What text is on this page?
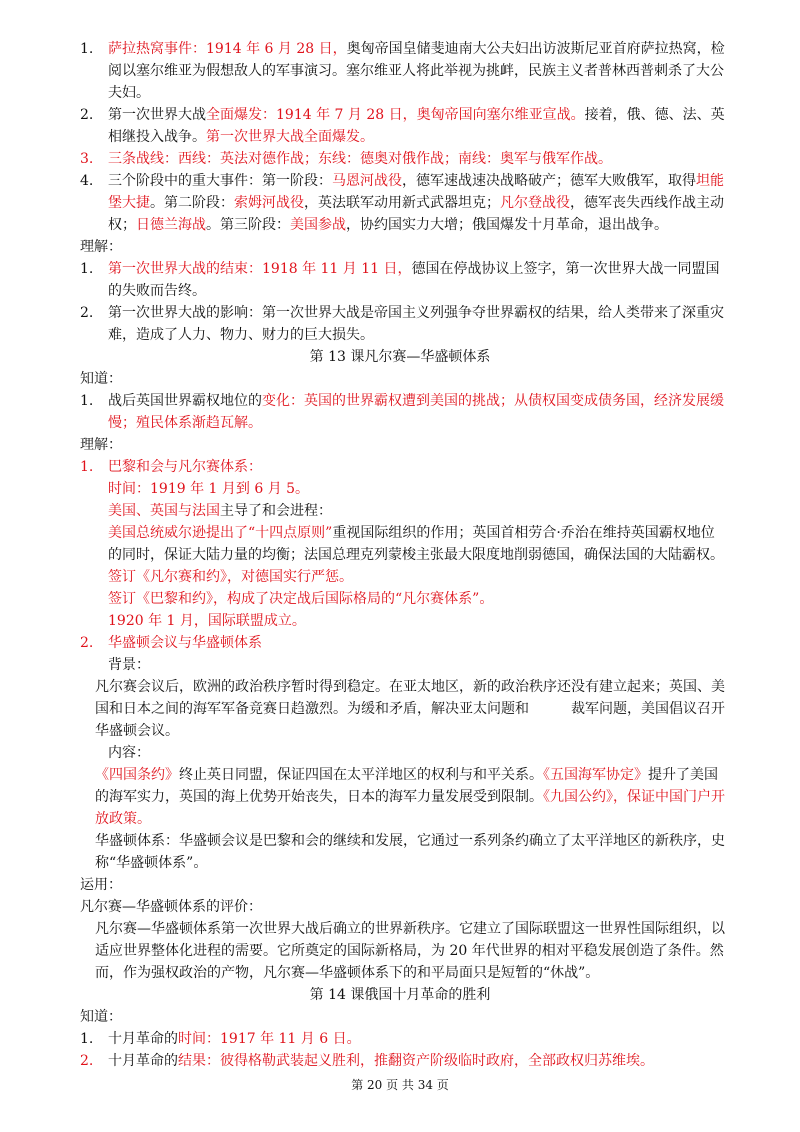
1. 萨拉热窝事件：1914 年 6 月 28 日，奥匈帝国皇储斐迪南大公夫妇出访波斯尼亚首府萨拉热窝，检阅以塞尔维亚为假想敌人的军事演习。塞尔维亚人将此举视为挑衅，民族主义者普林西普刺杀了大公夫妇。
2. 第一次世界大战全面爆发：1914 年 7 月 28 日，奥匈帝国向塞尔维亚宣战。接着，俄、德、法、英相继投入战争。第一次世界大战全面爆发。
3. 三条战线：西线：英法对德作战；东线：德奥对俄作战；南线：奥军与俄军作战。
4. 三个阶段中的重大事件：第一阶段：马恩河战役，德军速战速决战略破产；德军大败俄军，取得坦能堡大捷。第二阶段：索姆河战役，英法联军动用新式武器坦克；凡尔登战役，德军丧失西线作战主动权；日德兰海战。第三阶段：美国参战，协约国实力大增；俄国爆发十月革命，退出战争。
理解：
1. 第一次世界大战的结束：1918 年 11 月 11 日，德国在停战协议上签字，第一次世界大战一同盟国的失败而告终。
2. 第一次世界大战的影响：第一次世界大战是帝国主义列强争夺世界霸权的结果，给人类带来了深重灾难，造成了人力、物力、财力的巨大损失。
第 13 课凡尔赛—华盛顿体系
知道：
1. 战后英国世界霸权地位的变化：英国的世界霸权遭到美国的挑战；从债权国变成债务国，经济发展缓慢；殖民体系渐趋瓦解。
理解：
1. 巴黎和会与凡尔赛体系：
时间：1919 年 1 月到 6 月 5。
美国、英国与法国主导了和会进程：
美国总统威尔逊提出了“十四点原则”重视国际组织的作用；英国首相劳合·乔治在维持英国霸权地位的同时，保证大陆力量的均衡；法国总理克列蒙梭主张最大限度地削弱德国，确保法国的大陆霸权。
签订《凡尔赛和约》，对德国实行严惩。
签订《巴黎和约》，构成了决定战后国际格局的“凡尔赛体系”。
1920 年 1 月，国际联盟成立。
2. 华盛顿会议与华盛顿体系
背景：
凡尔赛会议后，欧洲的政治秩序暂时得到稳定。在亚太地区，新的政治秩序还没有建立起来；英国、美国和日本之间的海军军备竞赛日趋激烈。为缓和矛盾，解决亚太问题和　　　裁军问题，美国倡议召开华盛顿会议。
内容：
《四国条约》终止英日同盟，保证四国在太平洋地区的权利与和平关系。《五国海军协定》提升了美国的海军实力，英国的海上优势开始丧失，日本的海军力量发展受到限制。《九国公约》，保证中国门户开放政策。
华盛顿体系：华盛顿会议是巴黎和会的继续和发展，它通过一系列条约确立了太平洋地区的新秩序，史称“华盛顿体系”。
运用：
凡尔赛—华盛顿体系的评价：
凡尔赛—华盛顿体系第一次世界大战后确立的世界新秩序。它建立了国际联盟这一世界性国际组织，以适应世界整体化进程的需要。它所奠定的国际新格局，为 20 年代世界的相对平稳发展创造了条件。然而，作为强权政治的产物，凡尔赛—华盛顿体系下的和平局面只是短暂的“休战”。
第 14 课俄国十月革命的胜利
知道：
1. 十月革命的时间：1917 年 11 月 6 日。
2. 十月革命的结果：彼得格勒武装起义胜利，推翻资产阶级临时政府，全部政权归苏维埃。
第 20 页 共 34 页
